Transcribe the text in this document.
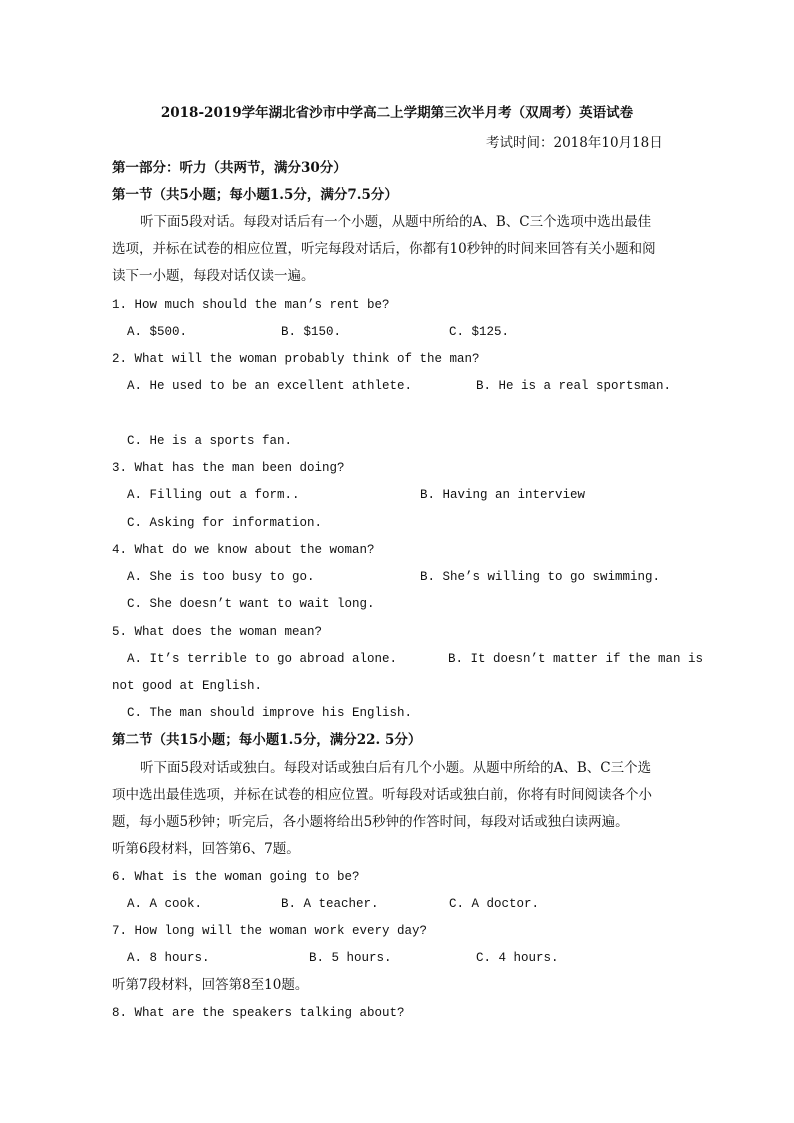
2018-2019学年湖北省沙市中学高二上学期第三次半月考（双周考）英语试卷
考试时间：2018年10月18日
第一部分：听力（共两节，满分30分）
第一节（共5小题；每小题1.5分，满分7.5分）
听下面5段对话。每段对话后有一个小题，从题中所给的A、B、C三个选项中选出最佳
选项，并标在试卷的相应位置，听完每段对话后，你都有10秒钟的时间来回答有关小题和阅
读下一小题，每段对话仅读一遍。
1. How much should the man’s rent be?
A. $500.	B. $150.	C. $125.
2. What will the woman probably think of the man?
A. He used to be an excellent athlete.	B. He is a real sportsman.
C. He is a sports fan.
3. What has the man been doing?
A. Filling out a form..	B. Having an interview
C. Asking for information.
4. What do we know about the woman?
A. She is too busy to go.	B. She’s willing to go swimming.
C. She doesn’t want to wait long.
5. What does the woman mean?
A. It’s terrible to go abroad alone.	B. It doesn’t matter if the man is
not good at English.
C. The man should improve his English.
第二节（共15小题；每小题1.5分，满分22. 5分）
听下面5段对话或独白。每段对话或独白后有几个小题。从题中所给的A、B、C三个选
项中选出最佳选项，并标在试卷的相应位置。听每段对话或独白前，你将有时间阅读各个小
题，每小题5秒钟；听完后，各小题将给出5秒钟的作答时间，每段对话或独白读两遍。
听第6段材料，回答第6、7题。
6. What is the woman going to be?
A. A cook.	B. A teacher.	C. A doctor.
7. How long will the woman work every day?
A. 8 hours.	B. 5 hours.	C. 4 hours.
听第7段材料，回答第8至10题。
8. What are the speakers talking about?
